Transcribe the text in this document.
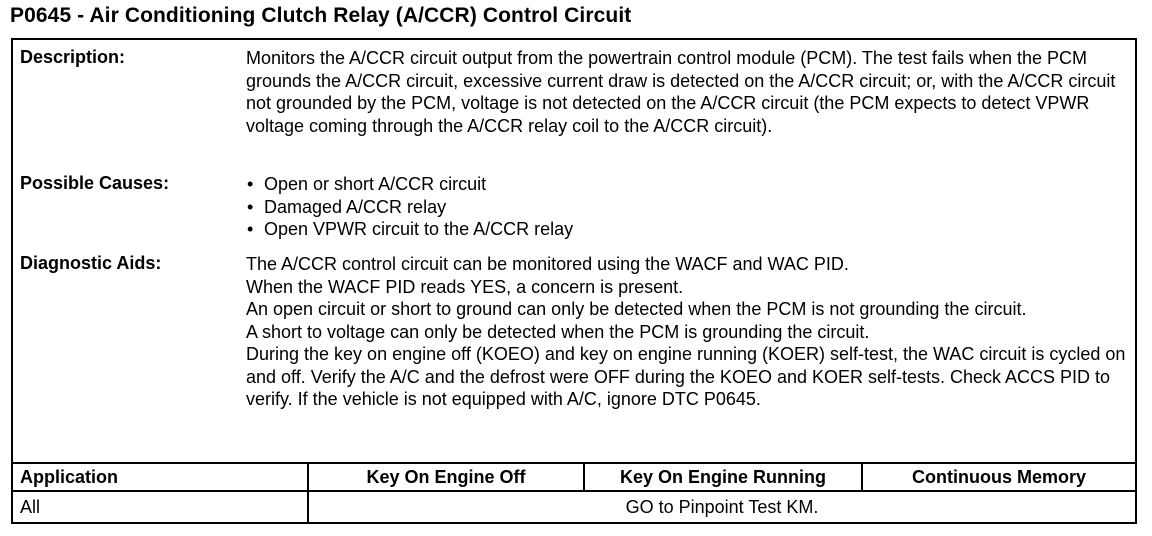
P0645 - Air Conditioning Clutch Relay (A/CCR) Control Circuit
Description:	Monitors the A/CCR circuit output from the powertrain control module (PCM). The test fails when the PCM grounds the A/CCR circuit, excessive current draw is detected on the A/CCR circuit; or, with the A/CCR circuit not grounded by the PCM, voltage is not detected on the A/CCR circuit (the PCM expects to detect VPWR voltage coming through the A/CCR relay coil to the A/CCR circuit).

Possible Causes:	• Open or short A/CCR circuit
• Damaged A/CCR relay
• Open VPWR circuit to the A/CCR relay
Diagnostic Aids:	The A/CCR control circuit can be monitored using the WACF and WAC PID.

When the WACF PID reads YES, a concern is present.

An open circuit or short to ground can only be detected when the PCM is not grounding the circuit.

A short to voltage can only be detected when the PCM is grounding the circuit.

During the key on engine off (KOEO) and key on engine running (KOER) self-test, the WAC circuit is cycled on and off. Verify the A/C and the defrost were OFF during the KOEO and KOER self-tests. Check ACCS PID to verify. If the vehicle is not equipped with A/C, ignore DTC P0645.

Application	Key On Engine Off	Key On Engine Running	Continuous Memory
All	GO to Pinpoint Test KM.
